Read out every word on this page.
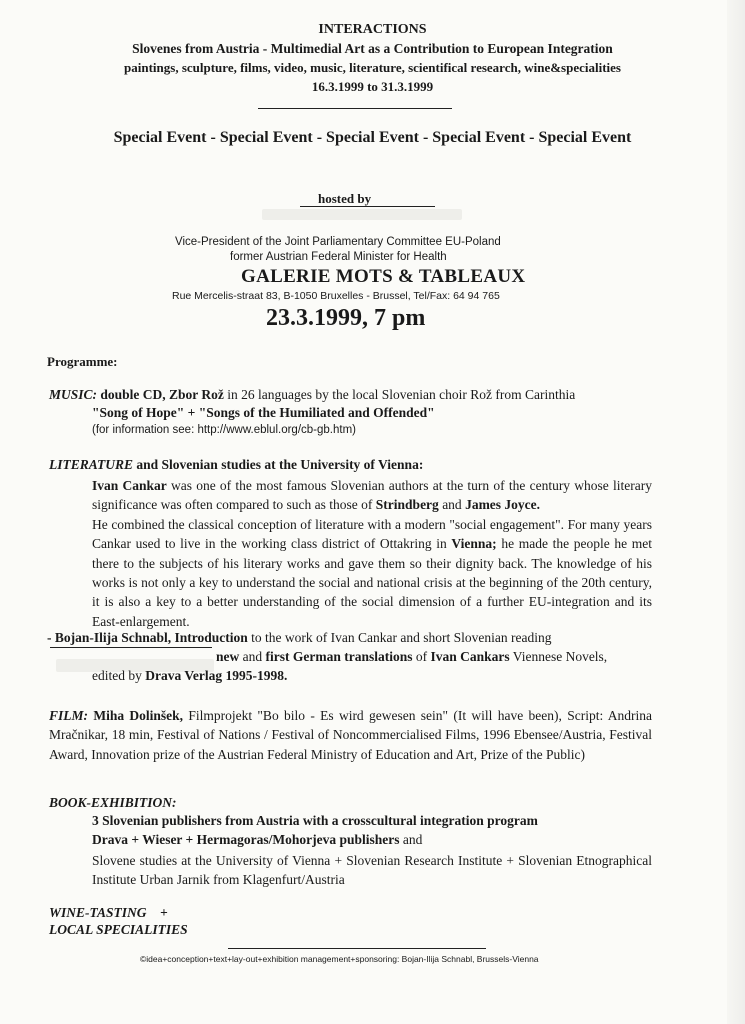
INTERACTIONS
Slovenes from Austria - Multimedial Art as a Contribution to European Integration
paintings, sculpture, films, video, music, literature, scientifical research, wine&specialities
16.3.1999 to 31.3.1999
Special Event - Special Event - Special Event - Special Event - Special Event
hosted by
Vice-President of the Joint Parliamentary Committee EU-Poland
former Austrian Federal Minister for Health
GALERIE MOTS & TABLEAUX
Rue Mercelis-straat 83, B-1050 Bruxelles - Brussel, Tel/Fax: 64 94 765
23.3.1999, 7 pm
Programme:
MUSIC: double CD, Zbor Rož in 26 languages by the local Slovenian choir Rož from Carinthia
"Song of Hope" + "Songs of the Humiliated and Offended"
(for information see: http://www.eblul.org/cb-gb.htm)
LITERATURE and Slovenian studies at the University of Vienna:
Ivan Cankar was one of the most famous Slovenian authors at the turn of the century whose literary significance was often compared to such as those of Strindberg and James Joyce.
He combined the classical conception of literature with a modern "social engagement". For many years Cankar used to live in the working class district of Ottakring in Vienna; he made the people he met there to the subjects of his literary works and gave them so their dignity back. The knowledge of his works is not only a key to understand the social and national crisis at the beginning of the 20th century, it is also a key to a better understanding of the social dimension of a further EU-integration and its East-enlargement.
- Bojan-Ilija Schnabl, Introduction to the work of Ivan Cankar and short Slovenian reading
new and first German translations of Ivan Cankars Viennese Novels,
edited by Drava Verlag 1995-1998.
FILM: Miha Dolinšek, Filmprojekt "Bo bilo - Es wird gewesen sein" (It will have been), Script: Andrina Mračnikar, 18 min, Festival of Nations / Festival of Noncommercialised Films, 1996 Ebensee/Austria, Festival Award, Innovation prize of the Austrian Federal Ministry of Education and Art, Prize of the Public)
BOOK-EXHIBITION:
3 Slovenian publishers from Austria with a crosscultural integration program
Drava + Wieser + Hermagoras/Mohorjeva publishers and
Slovene studies at the University of Vienna + Slovenian Research Institute + Slovenian Etnographical Institute Urban Jarnik from Klagenfurt/Austria
WINE-TASTING    +
LOCAL SPECIALITIES
©idea+conception+text+lay-out+exhibition management+sponsoring: Bojan-Ilija Schnabl, Brussels-Vienna
